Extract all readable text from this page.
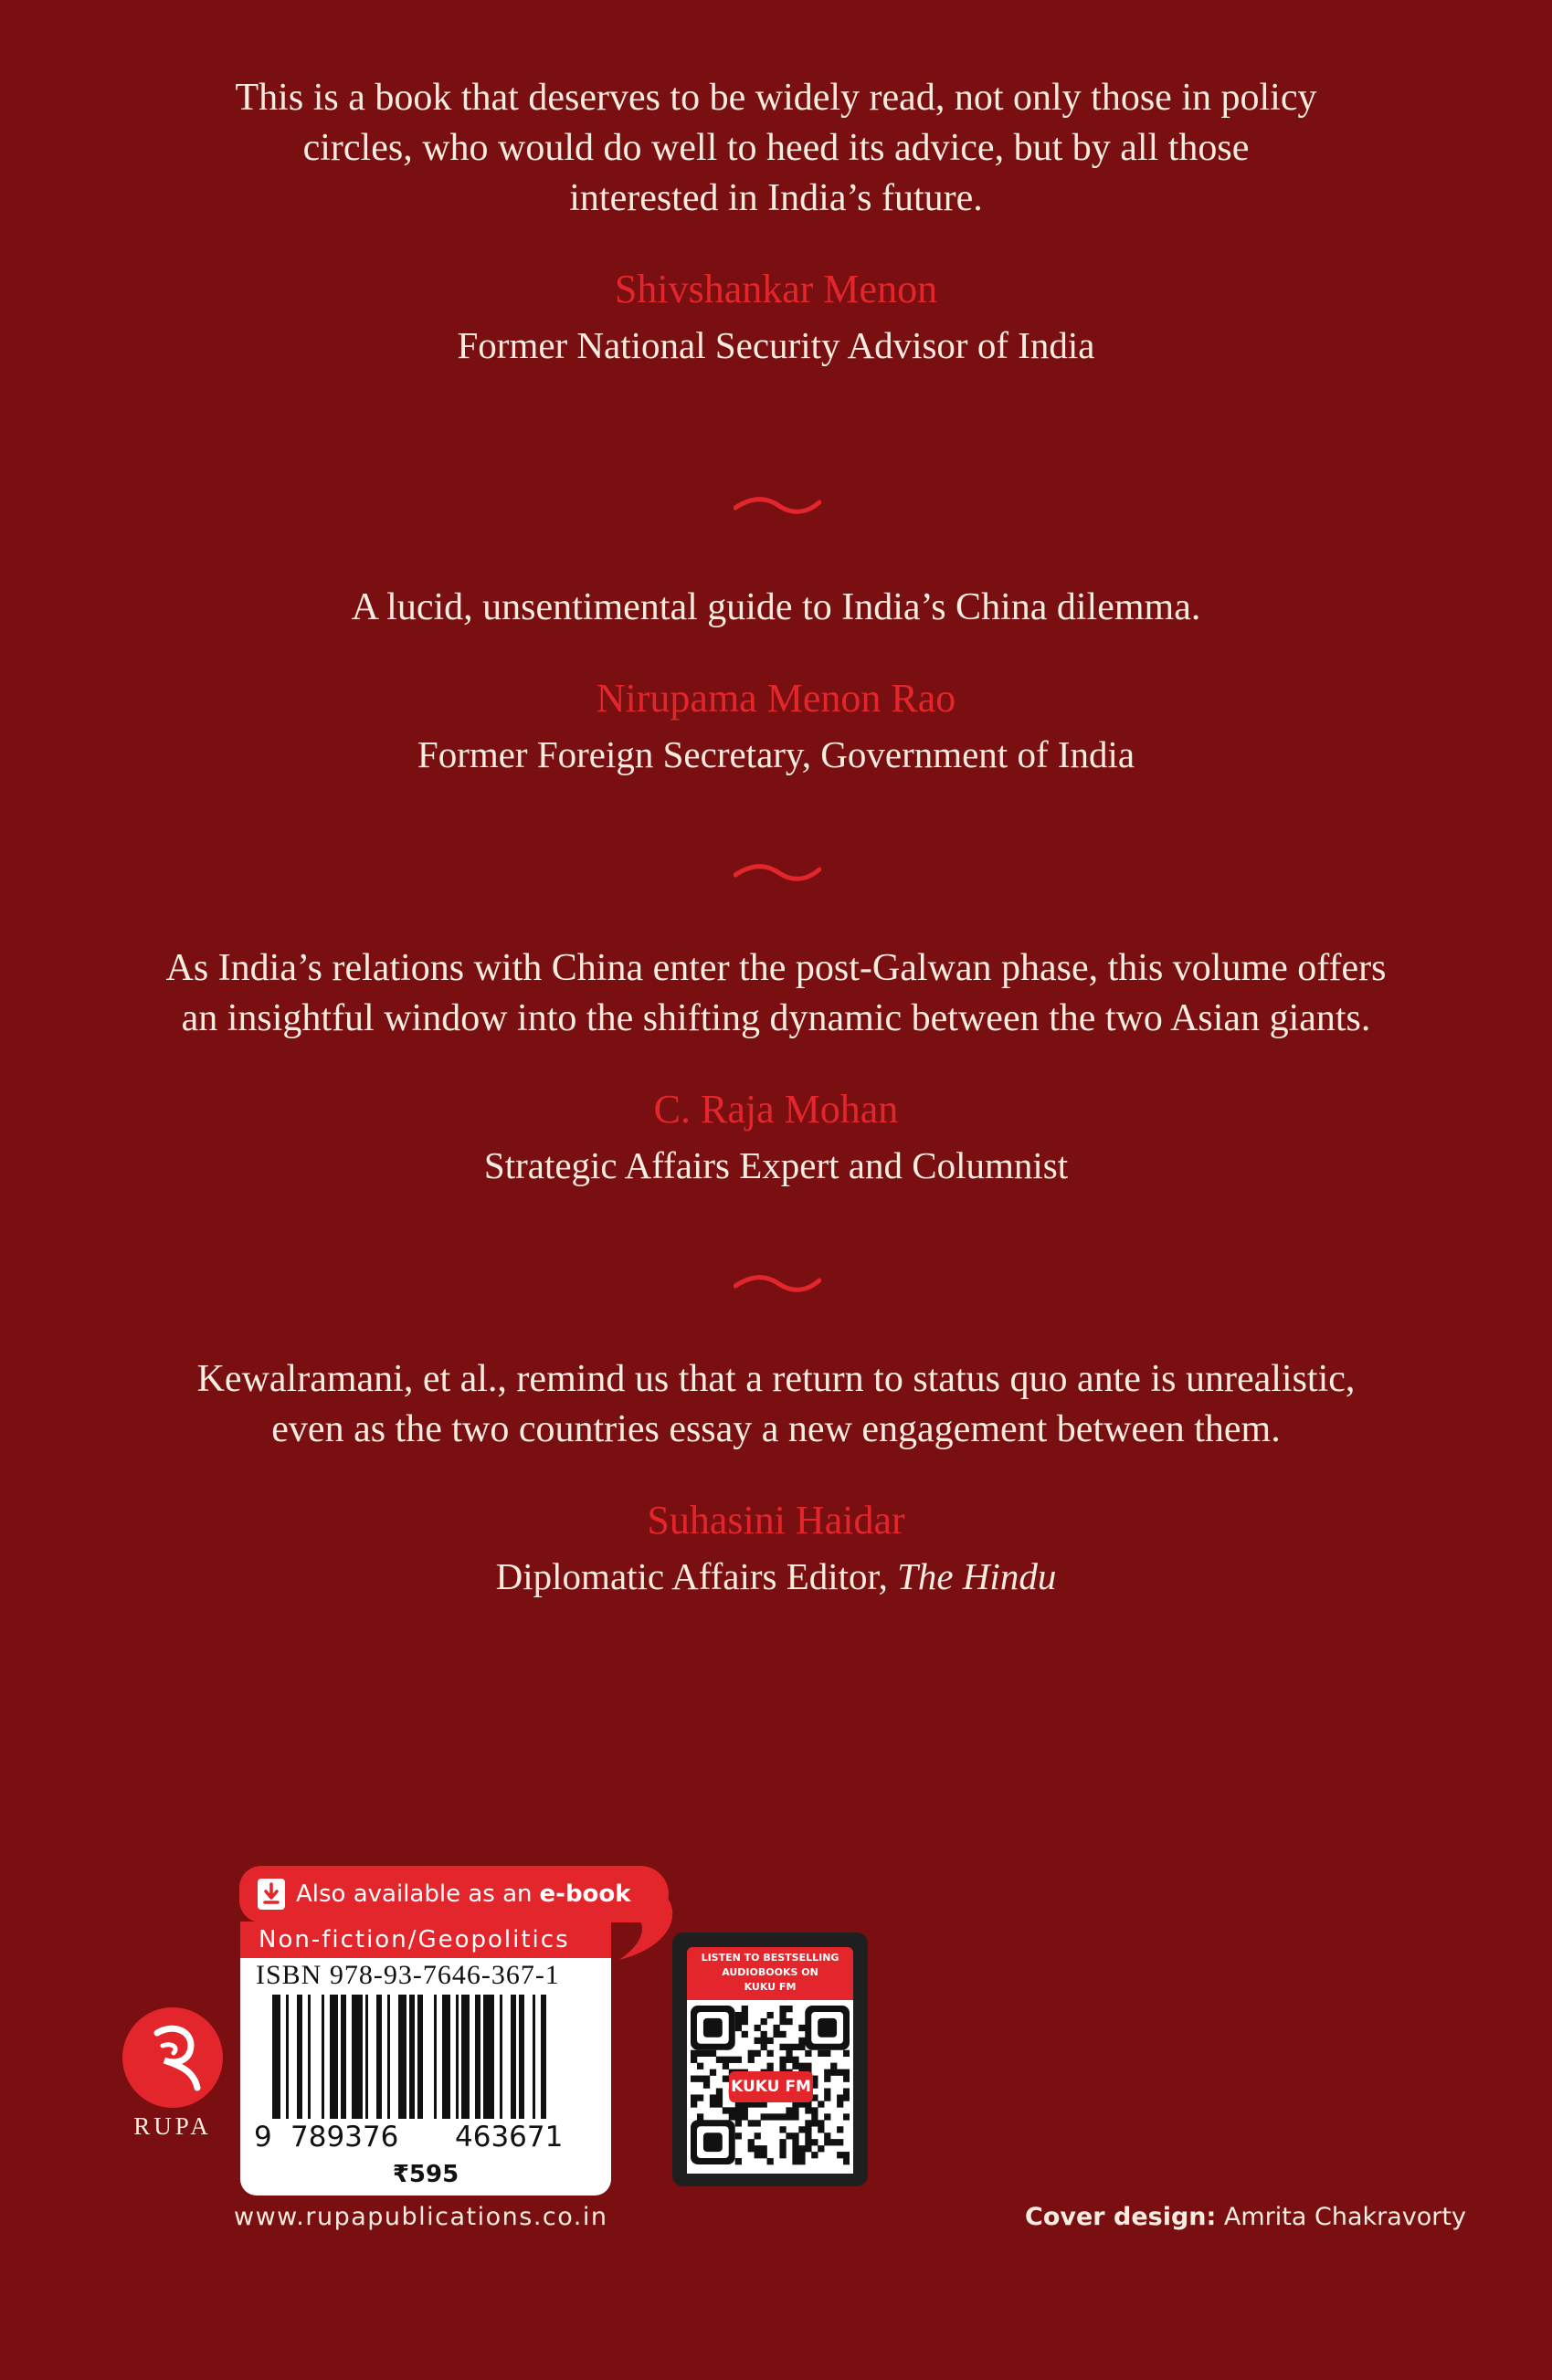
This is a book that deserves to be widely read, not only those in policy
circles, who would do well to heed its advice, but by all those
interested in India’s future.
Shivshankar Menon
Former National Security Advisor of India
A lucid, unsentimental guide to India’s China dilemma.
Nirupama Menon Rao
Former Foreign Secretary, Government of India
As India’s relations with China enter the post-Galwan phase, this volume offers
an insightful window into the shifting dynamic between the two Asian giants.
C. Raja Mohan
Strategic Affairs Expert and Columnist
Kewalramani, et al., remind us that a return to status quo ante is unrealistic,
even as the two countries essay a new engagement between them.
Suhasini Haidar
Diplomatic Affairs Editor, The Hindu
RUPA
Also available as an e-book
Non-fiction/Geopolitics
ISBN 978-93-7646-367-1
9 789376 463671
₹595
www.rupapublications.co.in
LISTEN TO BESTSELLING
AUDIOBOOKS ON
KUKU FM
KUKU FM
Cover design: Amrita Chakravorty
